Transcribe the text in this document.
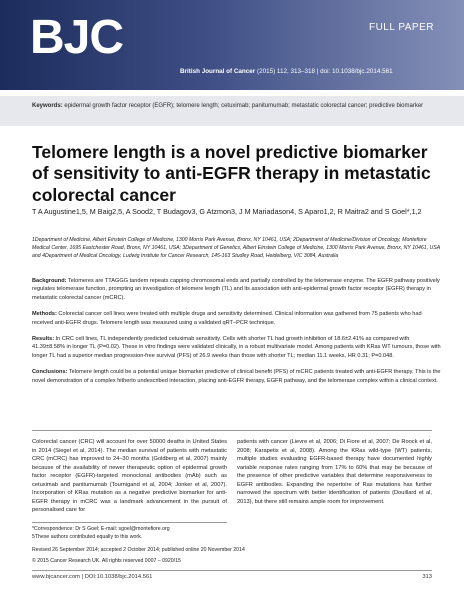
BJC	FULL PAPER
British Journal of Cancer (2015) 112, 313–318 | doi: 10.1038/bjc.2014.561
Keywords: epidermal growth factor receptor (EGFR); telomere length; cetuximab; panitumumab; metastatic colorectal cancer; predictive biomarker
Telomere length is a novel predictive biomarker of sensitivity to anti-EGFR therapy in metastatic colorectal cancer
T A Augustine1,5, M Baig2,5, A Sood2, T Budagov3, G Atzmon3, J M Mariadason4, S Aparo1,2, R Maitra2 and S Goel*,1,2
1Department of Medicine, Albert Einstein College of Medicine, 1300 Morris Park Avenue, Bronx, NY 10461, USA; 2Department of Medicine/Division of Oncology, Montefiore Medical Center, 1695 Eastchester Road, Bronx, NY 10461, USA; 3Department of Genetics, Albert Einstein College of Medicine, 1300 Morris Park Avenue, Bronx, NY 10461, USA and 4Department of Medical Oncology, Ludwig Institute for Cancer Research, 145-163 Studley Road, Heidelberg, VIC 3084, Australia

Background: Telomeres are TTAGGG tandem repeats capping chromosomal ends and partially controlled by the telomerase enzyme. The EGFR pathway positively regulates telomerase function, prompting an investigation of telomere length (TL) and its association with anti-epidermal growth factor receptor (EGFR) therapy in metastatic colorectal cancer (mCRC).

Methods: Colorectal cancer cell lines were treated with multiple drugs and sensitivity determined. Clinical information was gathered from 75 patients who had received anti-EGFR drugs. Telomere length was measured using a validated qRT–PCR technique.

Results: In CRC cell lines, TL independently predicted cetuximab sensitivity. Cells with shorter TL had growth inhibition of 18.6±2.41% as compared with 41.39±8.58% in longer TL (P=0.02). These in vitro findings were validated clinically, in a robust multivariate model. Among patients with KRas WT tumours, those with longer TL had a superior median progression-free survival (PFS) of 26.9 weeks than those with shorter TL; median 11.1 weeks, HR 0.31; P=0.048.

Conclusions: Telomere length could be a potential unique biomarker predictive of clinical benefit (PFS) of mCRC patients treated with anti-EGFR therapy. This is the novel demonstration of a complex hitherto undescribed interaction, placing anti-EGFR therapy, EGFR pathway, and the telomerase complex within a clinical context.

Colorectal cancer (CRC) will account for over 50000 deaths in United States in 2014 (Siegel et al, 2014). The median survival of patients with metastatic CRC (mCRC) has improved to 24–30 months (Goldberg et al, 2007) mainly because of the availability of newer therapeutic option of epidermal growth factor receptor (EGFR)-targeted monoclonal antibodies (mAb) such as cetuximab and panitumumab (Tournigand et al, 2004; Jonker et al, 2007). Incorporation of KRas mutation as a negative predictive biomarker for anti-EGFR therapy in mCRC was a landmark advancement in the pursuit of personalised care for
patients with cancer (Lievre et al, 2006; Di Fiore et al, 2007; De Roock et al, 2008; Karapetis et al, 2008). Among the KRas wild-type (WT) patients, multiple studies evaluating EGFR-based therapy have documented highly variable response rates ranging from 17% to 60% that may be because of the presence of other predictive variables that determine responsiveness to EGFR antibodies. Expanding the repertoire of Ras mutations has further narrowed the spectrum with better identification of patients (Douillard et al, 2013), but there still remains ample room for improvement.
*Correspondence: Dr S Goel; E-mail: sgoel@montefiore.org
5These authors contributed equally to this work.
Revised 26 September 2014; accepted 2 October 2014; published online 20 November 2014
© 2015 Cancer Research UK. All rights reserved 0007 – 0920/15
www.bjcancer.com | DOI:10.1038/bjc.2014.561	313
